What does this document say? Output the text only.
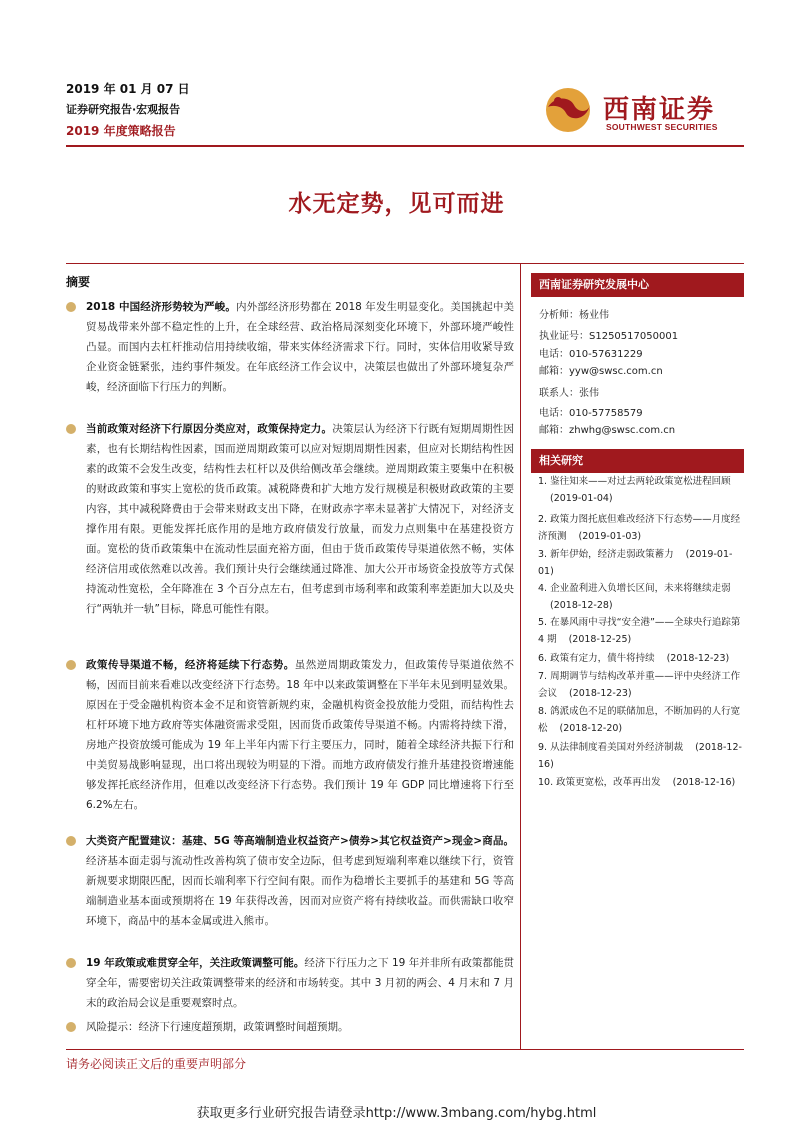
2019 年 01 月 07 日
证券研究报告·宏观报告
2019 年度策略报告
西南证券
SOUTHWEST SECURITIES
水无定势，见可而进
摘要
2018 中国经济形势较为严峻。内外部经济形势都在 2018 年发生明显变化。美国挑起中美贸易战带来外部不稳定性的上升，在全球经营、政治格局深刻变化环境下，外部环境严峻性凸显。而国内去杠杆推动信用持续收缩，带来实体经济需求下行。同时，实体信用收紧导致企业资金链紧张，违约事件频发。在年底经济工作会议中，决策层也做出了外部环境复杂严峻，经济面临下行压力的判断。
当前政策对经济下行原因分类应对，政策保持定力。决策层认为经济下行既有短期周期性因素，也有长期结构性因素，国而逆周期政策可以应对短期周期性因素，但应对长期结构性因素的政策不会发生改变，结构性去杠杆以及供给侧改革会继续。逆周期政策主要集中在积极的财政政策和事实上宽松的货币政策。减税降费和扩大地方发行规模是积极财政政策的主要内容，其中减税降费由于会带来财政支出下降，在财政赤字率未显著扩大情况下，对经济支撑作用有限。更能发挥托底作用的是地方政府债发行放量，而发力点则集中在基建投资方面。宽松的货币政策集中在流动性层面充裕方面，但由于货币政策传导渠道依然不畅，实体经济信用或依然难以改善。我们预计央行会继续通过降准、加大公开市场资金投放等方式保持流动性宽松，全年降准在 3 个百分点左右，但考虑到市场利率和政策利率差距加大以及央行“两轨并一轨”目标，降息可能性有限。
政策传导渠道不畅，经济将延续下行态势。虽然逆周期政策发力，但政策传导渠道依然不畅，因而目前来看难以改变经济下行态势。18 年中以来政策调整在下半年未见到明显效果。原因在于受金融机构资本金不足和资管新规约束，金融机构资金投放能力受阻，而结构性去杠杆环境下地方政府等实体融资需求受阻，因而货币政策传导渠道不畅。内需将持续下滑，房地产投资放缓可能成为 19 年上半年内需下行主要压力，同时，随着全球经济共振下行和中美贸易战影响显现，出口将出现较为明显的下滑。而地方政府债发行推升基建投资增速能够发挥托底经济作用，但难以改变经济下行态势。我们预计 19 年 GDP 同比增速将下行至 6.2%左右。
大类资产配置建议：基建、5G 等高端制造业权益资产>债券>其它权益资产>现金>商品。经济基本面走弱与流动性改善构筑了债市安全边际，但考虑到短端利率难以继续下行，资管新规要求期限匹配，因而长端利率下行空间有限。而作为稳增长主要抓手的基建和 5G 等高端制造业基本面或预期将在 19 年获得改善，因而对应资产将有持续收益。而供需缺口收窄环境下，商品中的基本金属或进入熊市。
19 年政策或难贯穿全年，关注政策调整可能。经济下行压力之下 19 年并非所有政策都能贯穿全年，需要密切关注政策调整带来的经济和市场转变。其中 3 月初的两会、4 月末和 7 月末的政治局会议是重要观察时点。
风险提示：经济下行速度超预期，政策调整时间超预期。
西南证券研究发展中心
分析师：杨业伟
执业证号：S1250517050001
电话：010-57631229
邮箱：yyw@swsc.com.cn
联系人：张伟
电话：010-57758579
邮箱：zhwhg@swsc.com.cn
相关研究
1. 鉴往知来——对过去两轮政策宽松进程回顾(2019-01-04)
2. 政策力图托底但难改经济下行态势——月度经济预测 (2019-01-03)
3. 新年伊始，经济走弱政策蓄力 (2019-01-01)
4. 企业盈利进入负增长区间，未来将继续走弱(2018-12-28)
5. 在暴风雨中寻找“安全港”——全球央行追踪第 4 期 (2018-12-25)
6. 政策有定力，債牛将持续 (2018-12-23)
7. 周期调节与结构改革并重——评中央经济工作会议 (2018-12-23)
8. 鸽派成色不足的联储加息，不断加码的人行宽松 (2018-12-20)
9. 从法律制度看美国对外经济制裁 (2018-12-16)
10. 政策更宽松，改革再出发 (2018-12-16)
请务必阅读正文后的重要声明部分
获取更多行业研究报告请登录http://www.3mbang.com/hybg.html
